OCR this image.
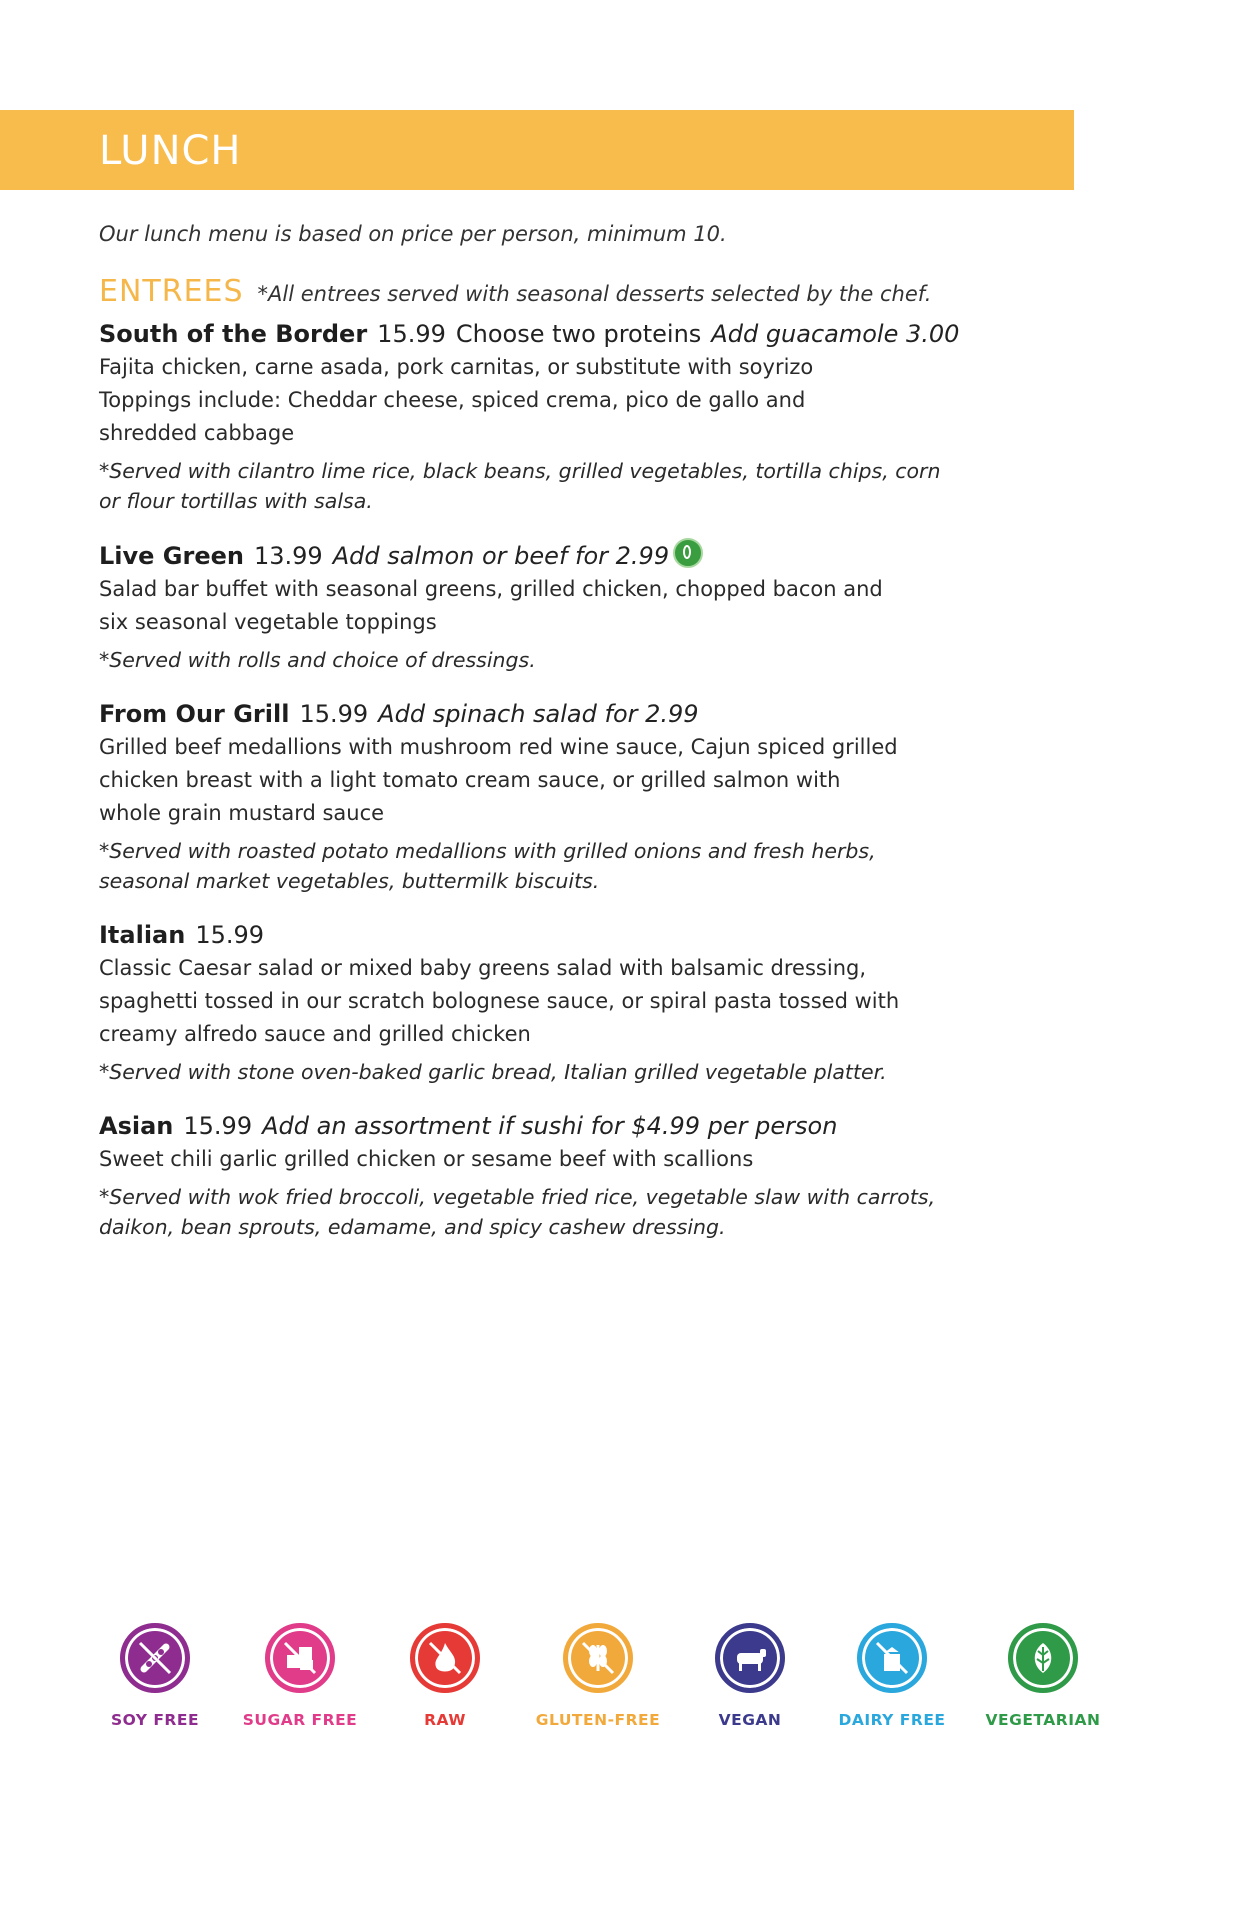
LUNCH

Our lunch menu is based on price per person, minimum 10.

ENTREES *All entrees served with seasonal desserts selected by the chef.
South of the Border 15.99 Choose two proteins Add guacamole 3.00

Fajita chicken, carne asada, pork carnitas, or substitute with soyrizo
Toppings include: Cheddar cheese, spiced crema, pico de gallo and
shredded cabbage

*Served with cilantro lime rice, black beans, grilled vegetables, tortilla chips, corn
or flour tortillas with salsa.

Live Green 13.99 Add salmon or beef for 2.99

Salad bar buffet with seasonal greens, grilled chicken, chopped bacon and
six seasonal vegetable toppings

*Served with rolls and choice of dressings.

From Our Grill 15.99 Add spinach salad for 2.99

Grilled beef medallions with mushroom red wine sauce, Cajun spiced grilled
chicken breast with a light tomato cream sauce, or grilled salmon with
whole grain mustard sauce

*Served with roasted potato medallions with grilled onions and fresh herbs,
seasonal market vegetables, buttermilk biscuits.

Italian 15.99

Classic Caesar salad or mixed baby greens salad with balsamic dressing,
spaghetti tossed in our scratch bolognese sauce, or spiral pasta tossed with
creamy alfredo sauce and grilled chicken

*Served with stone oven-baked garlic bread, Italian grilled vegetable platter.

Asian 15.99 Add an assortment if sushi for $4.99 per person

Sweet chili garlic grilled chicken or sesame beef with scallions

*Served with wok fried broccoli, vegetable fried rice, vegetable slaw with carrots,
daikon, bean sprouts, edamame, and spicy cashew dressing.

SOY FREE	SUGAR FREE	RAW	GLUTEN-FREE	VEGAN	DAIRY FREE	VEGETARIAN
